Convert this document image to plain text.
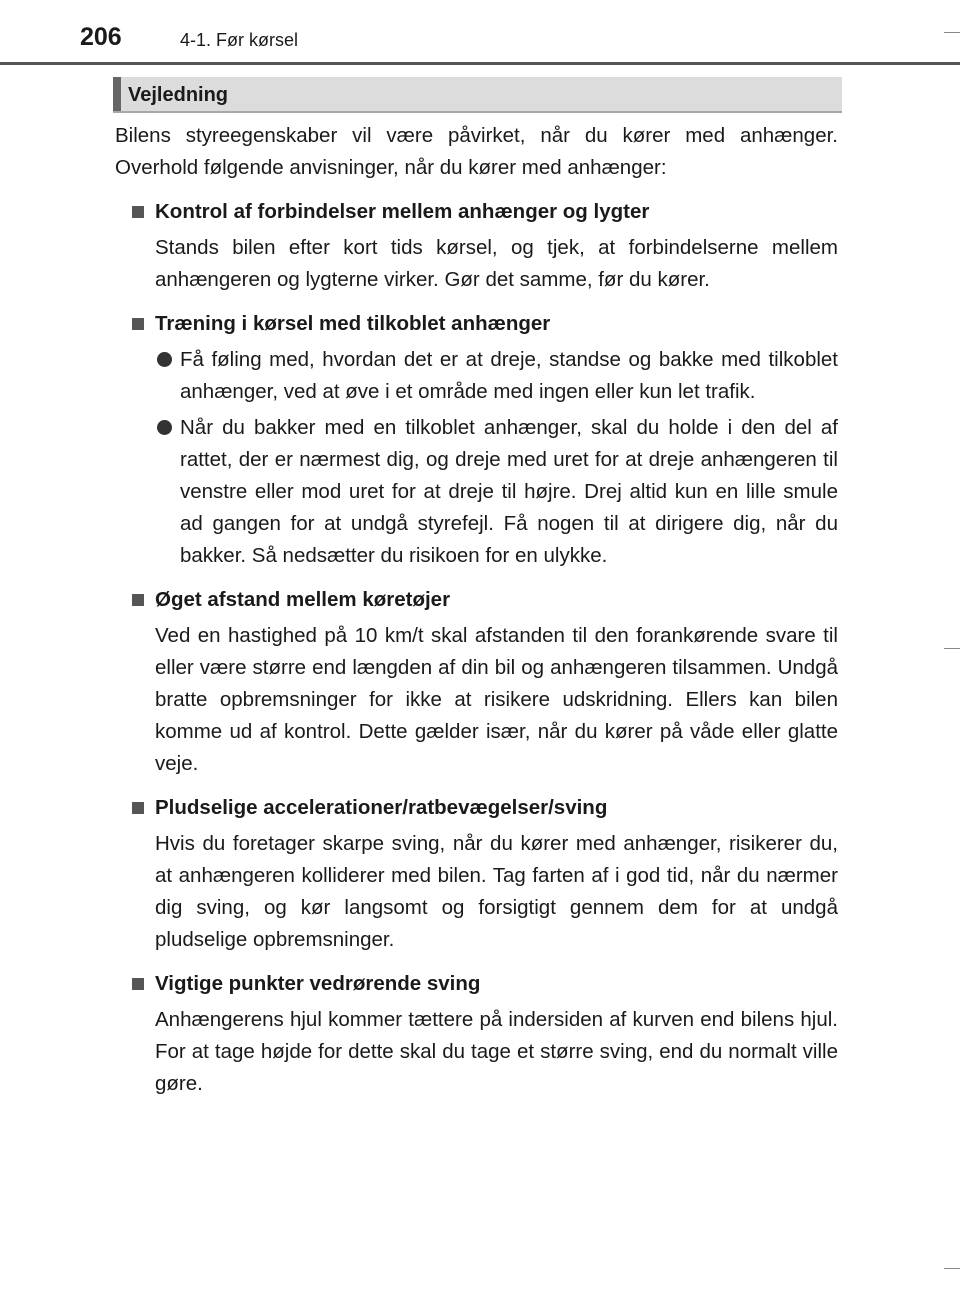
206	4-1. Før kørsel
Vejledning

Bilens styreegenskaber vil være påvirket, når du kører med anhænger. Overhold følgende anvisninger, når du kører med anhænger:

Kontrol af forbindelser mellem anhænger og lygter

Stands bilen efter kort tids kørsel, og tjek, at forbindelserne mellem anhængeren og lygterne virker. Gør det samme, før du kører.

Træning i kørsel med tilkoblet anhænger

Få føling med, hvordan det er at dreje, standse og bakke med tilkoblet anhænger, ved at øve i et område med ingen eller kun let trafik.

Når du bakker med en tilkoblet anhænger, skal du holde i den del af rattet, der er nærmest dig, og dreje med uret for at dreje anhængeren til venstre eller mod uret for at dreje til højre. Drej altid kun en lille smule ad gangen for at undgå styrefejl. Få nogen til at dirigere dig, når du bakker. Så nedsætter du risikoen for en ulykke.

Øget afstand mellem køretøjer

Ved en hastighed på 10 km/t skal afstanden til den forankørende svare til eller være større end længden af din bil og anhængeren tilsammen. Undgå bratte opbremsninger for ikke at risikere udskridning. Ellers kan bilen komme ud af kontrol. Dette gælder især, når du kører på våde eller glatte veje.

Pludselige accelerationer/ratbevægelser/sving

Hvis du foretager skarpe sving, når du kører med anhænger, risikerer du, at anhængeren kolliderer med bilen. Tag farten af i god tid, når du nærmer dig sving, og kør langsomt og forsigtigt gennem dem for at undgå pludselige opbremsninger.

Vigtige punkter vedrørende sving

Anhængerens hjul kommer tættere på indersiden af kurven end bilens hjul. For at tage højde for dette skal du tage et større sving, end du normalt ville gøre.
